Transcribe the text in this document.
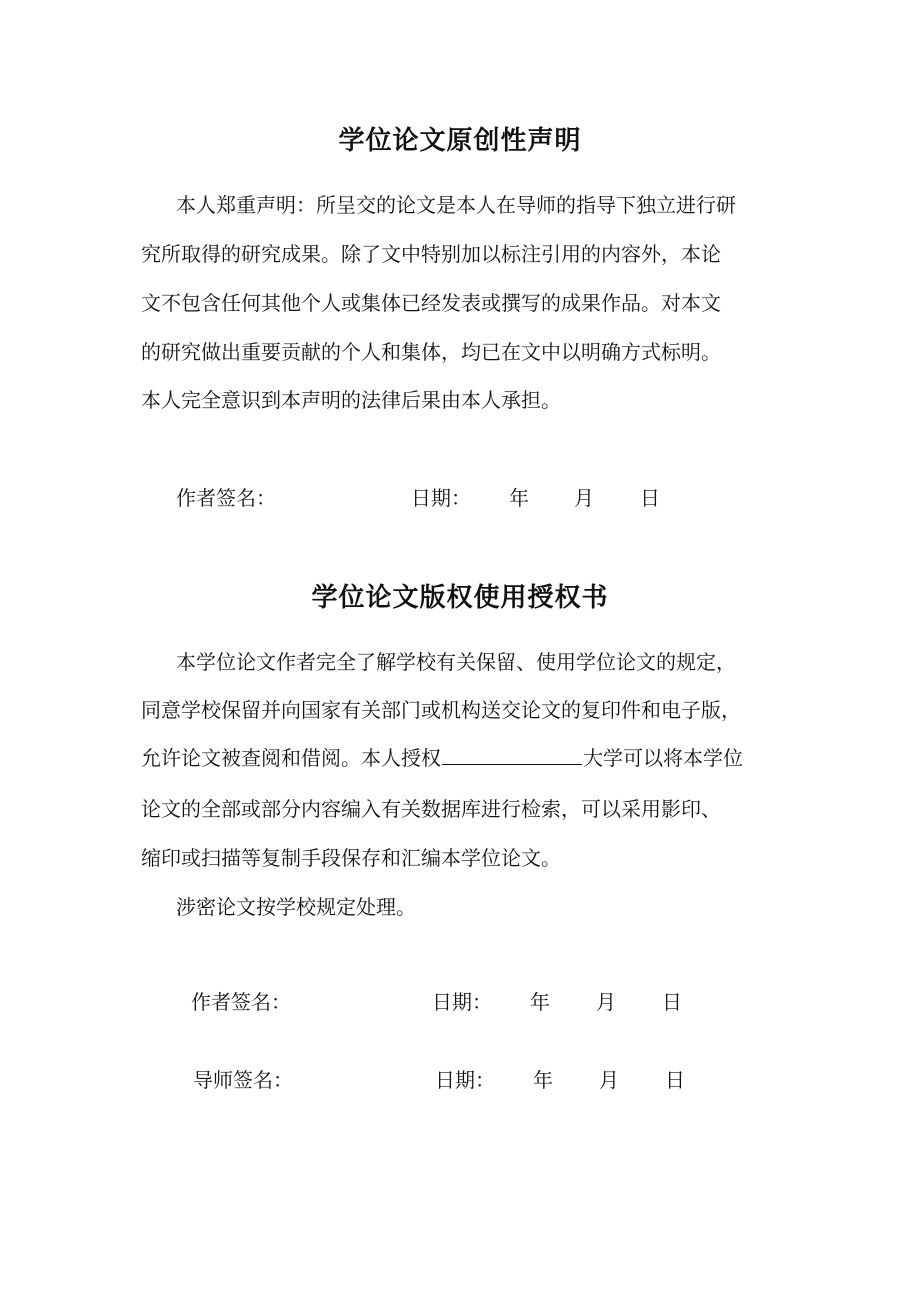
学位论文原创性声明
本人郑重声明：所呈交的论文是本人在导师的指导下独立进行研
究所取得的研究成果。除了文中特别加以标注引用的内容外，本论
文不包含任何其他个人或集体已经发表或撰写的成果作品。对本文
的研究做出重要贡献的个人和集体，均已在文中以明确方式标明。
本人完全意识到本声明的法律后果由本人承担。
作者签名：	日期： 年 月 日
学位论文版权使用授权书
本学位论文作者完全了解学校有关保留、使用学位论文的规定，
同意学校保留并向国家有关部门或机构送交论文的复印件和电子版，
允许论文被查阅和借阅。本人授权	大学可以将本学位
论文的全部或部分内容编入有关数据库进行检索，可以采用影印、
缩印或扫描等复制手段保存和汇编本学位论文。
涉密论文按学校规定处理。
作者签名：	日期： 年 月 日
导师签名：	日期： 年 月 日
